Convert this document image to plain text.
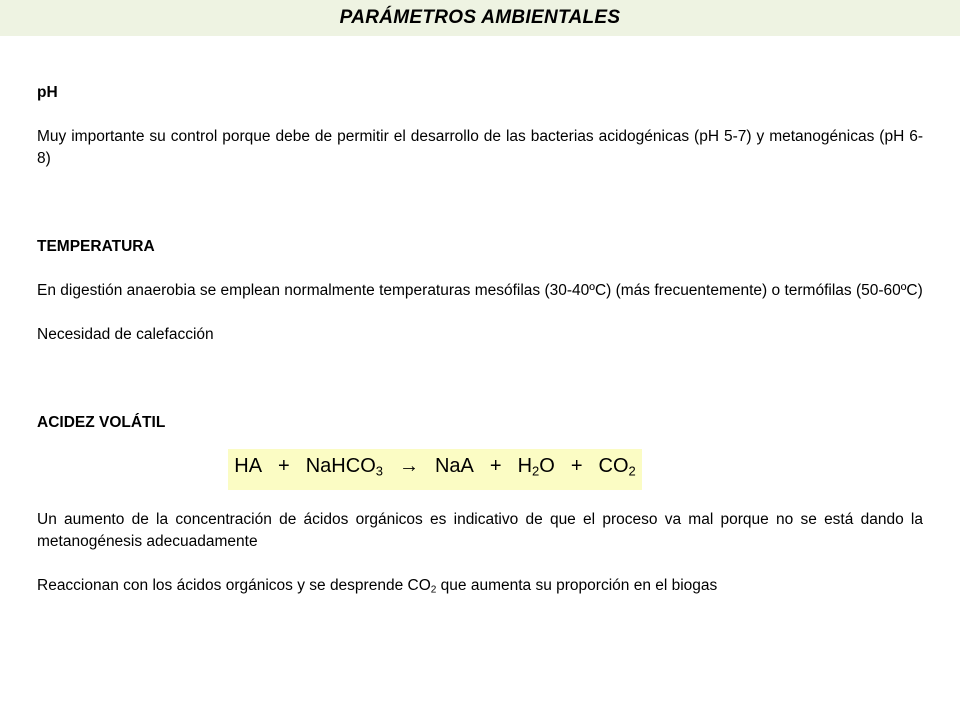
PARÁMETROS AMBIENTALES

pH

Muy importante su control porque debe de permitir el desarrollo de las bacterias acidogénicas (pH 5-7) y metanogénicas (pH 6-8)

TEMPERATURA

En digestión anaerobia se emplean normalmente temperaturas mesófilas (30-40ºC) (más frecuentemente) o termófilas (50-60ºC)

Necesidad de calefacción

ACIDEZ VOLÁTIL

HA + NaHCO$_3$ → NaA + $H_2O + CO_2$

Un aumento de la concentración de ácidos orgánicos es indicativo de que el proceso va mal porque no se está dando la metanogénesis adecuadamente

Reaccionan con los ácidos orgánicos y se desprende $CO_2$ que aumenta su proporción en el biogas
